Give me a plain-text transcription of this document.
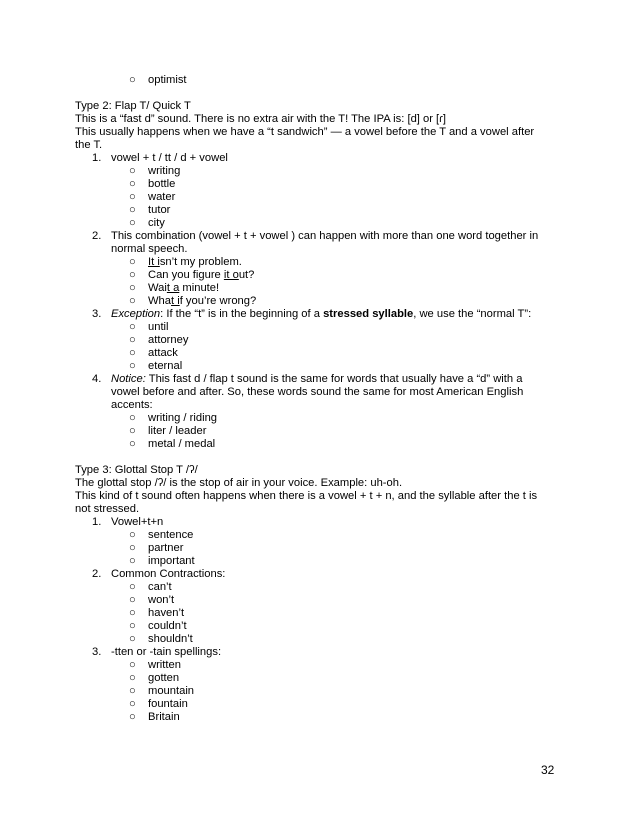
○ optimist
Type 2: Flap T/ Quick T
This is a “fast d” sound. There is no extra air with the T! The IPA is: [d] or [ɾ]
This usually happens when we have a “t sandwich” — a vowel before the T and a vowel after
the T.
1. vowel + t / tt / d + vowel
○ writing
○ bottle
○ water
○ tutor
○ city
2. This combination (vowel + t + vowel ) can happen with more than one word together in
normal speech.
○ It isn’t my problem.
○ Can you figure it out?
○ Wait a minute!
○ What if you’re wrong?
3. Exception: If the “t” is in the beginning of a stressed syllable, we use the “normal T”:
○ until
○ attorney
○ attack
○ eternal
4. Notice: This fast d / flap t sound is the same for words that usually have a “d” with a
vowel before and after. So, these words sound the same for most American English
accents:
○ writing / riding
○ liter / leader
○ metal / medal
Type 3: Glottal Stop T /ʔ/
The glottal stop /ʔ/ is the stop of air in your voice. Example: uh-oh.
This kind of t sound often happens when there is a vowel + t + n, and the syllable after the t is
not stressed.
1. Vowel+t+n
○ sentence
○ partner
○ important
2. Common Contractions:
○ can’t
○ won’t
○ haven’t
○ couldn’t
○ shouldn’t
3. -tten or -tain spellings:
○ written
○ gotten
○ mountain
○ fountain
○ Britain
32
